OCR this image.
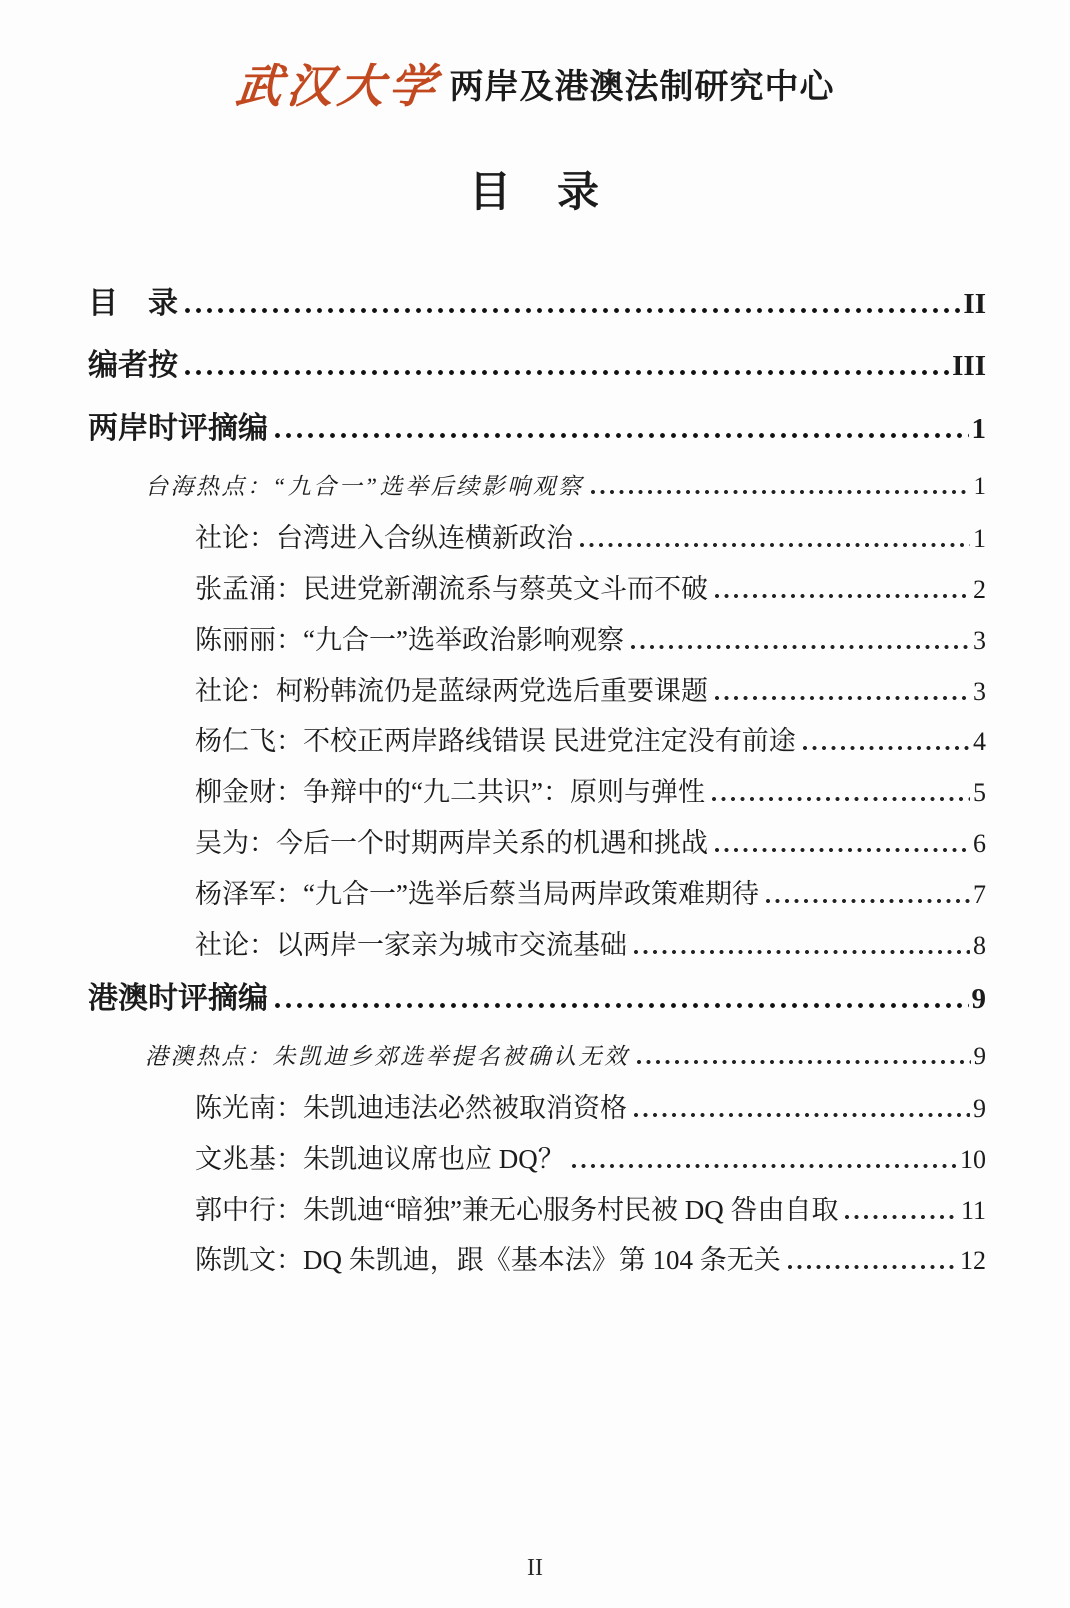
武汉大学 两岸及港澳法制研究中心
目　录
目　录	II
编者按	III
两岸时评摘编	1
台海热点：“九合一”选举后续影响观察	1
社论：台湾进入合纵连横新政治	1
张孟涌：民进党新潮流系与蔡英文斗而不破	2
陈丽丽：“九合一”选举政治影响观察	3
社论：柯粉韩流仍是蓝绿两党选后重要课题	3
杨仁飞：不校正两岸路线错误 民进党注定没有前途	4
柳金财：争辩中的“九二共识”：原则与弹性	5
吴为：今后一个时期两岸关系的机遇和挑战	6
杨泽军：“九合一”选举后蔡当局两岸政策难期待	7
社论：以两岸一家亲为城市交流基础	8
港澳时评摘编	9
港澳热点：朱凯迪乡郊选举提名被确认无效	9
陈光南：朱凯迪违法必然被取消资格	9
文兆基：朱凯迪议席也应 DQ？	10
郭中行：朱凯迪“暗独”兼无心服务村民被 DQ 咎由自取	11
陈凯文：DQ 朱凯迪，跟《基本法》第 104 条无关	12
II
